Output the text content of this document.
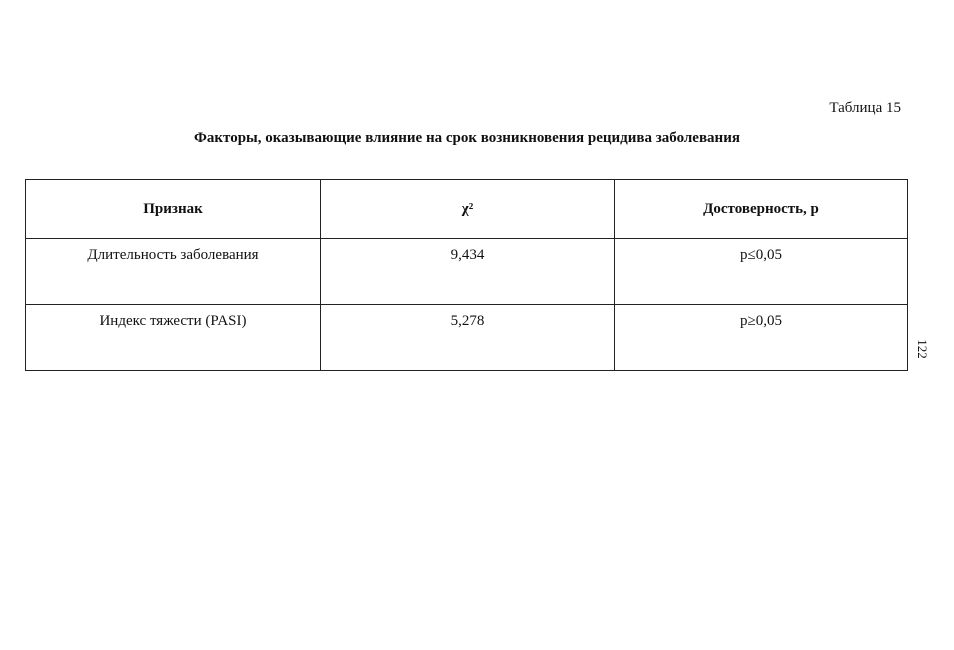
Таблица 15
Факторы, оказывающие влияние на срок возникновения рецидива заболевания
Признак	χ²	Достоверность, p
Длительность заболевания	9,434	p≤0,05
Индекс тяжести (PASI)	5,278	p≥0,05
122
